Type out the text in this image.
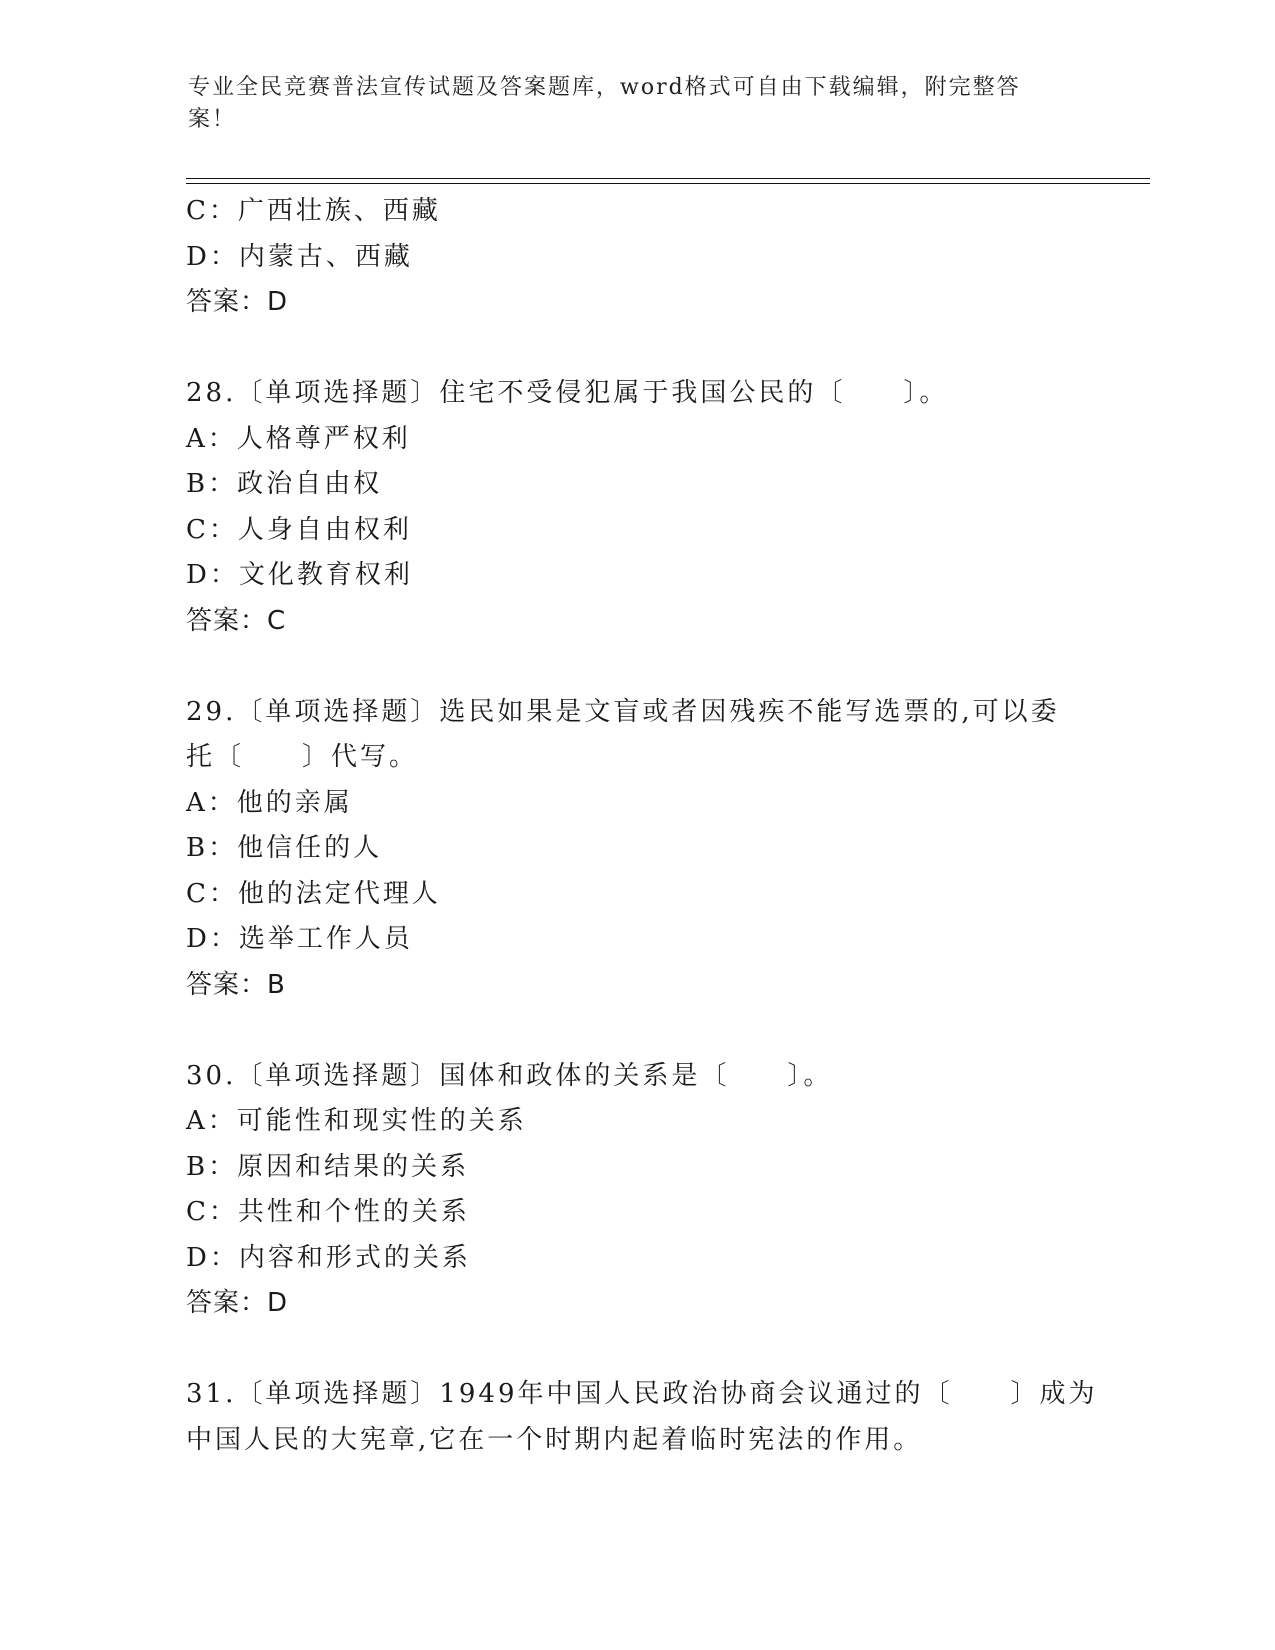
专业全民竞赛普法宣传试题及答案题库，word格式可自由下载编辑，附完整答案！
C：广西壮族、西藏
D：内蒙古、西藏
答案：D
28.〔单项选择题〕住宅不受侵犯属于我国公民的〔　　〕。
A：人格尊严权利
B：政治自由权
C：人身自由权利
D：文化教育权利
答案：C
29.〔单项选择题〕选民如果是文盲或者因残疾不能写选票的,可以委
托〔　　〕代写。
A：他的亲属
B：他信任的人
C：他的法定代理人
D：选举工作人员
答案：B
30.〔单项选择题〕国体和政体的关系是〔　　〕。
A：可能性和现实性的关系
B：原因和结果的关系
C：共性和个性的关系
D：内容和形式的关系
答案：D
31.〔单项选择题〕1949年中国人民政治协商会议通过的〔　　〕成为
中国人民的大宪章,它在一个时期内起着临时宪法的作用。
